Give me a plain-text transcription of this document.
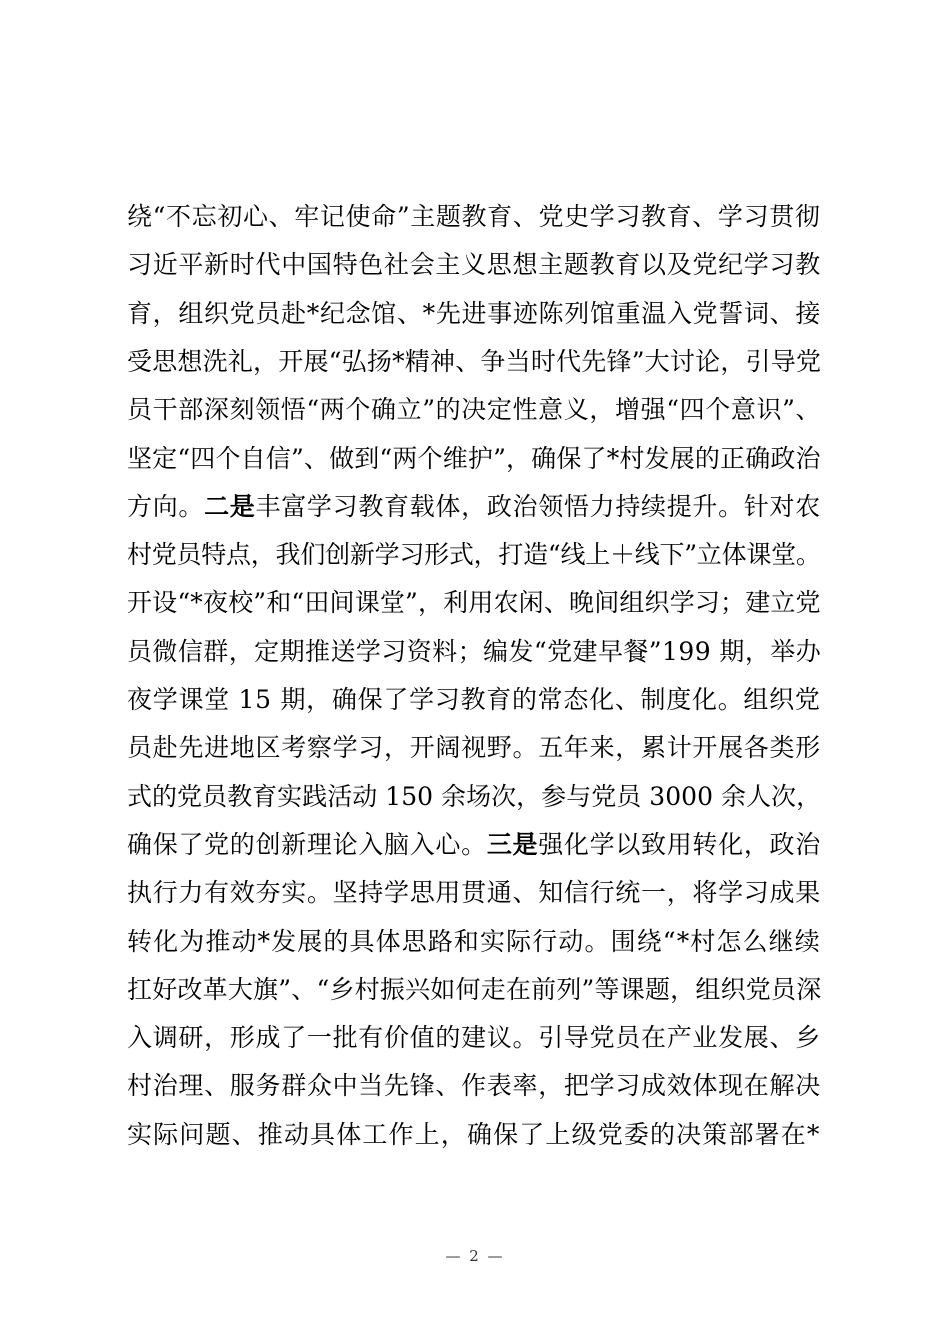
绕“不忘初心、牢记使命”主题教育、党史学习教育、学习贯彻
习近平新时代中国特色社会主义思想主题教育以及党纪学习教
育，组织党员赴*纪念馆、*先进事迹陈列馆重温入党誓词、接
受思想洗礼，开展“弘扬*精神、争当时代先锋”大讨论，引导党
员干部深刻领悟“两个确立”的决定性意义，增强“四个意识”、
坚定“四个自信”、做到“两个维护”，确保了*村发展的正确政治
方向。二是丰富学习教育载体，政治领悟力持续提升。针对农
村党员特点，我们创新学习形式，打造“线上＋线下”立体课堂。
开设“*夜校”和“田间课堂”，利用农闲、晚间组织学习；建立党
员微信群，定期推送学习资料；编发“党建早餐”199 期，举办
夜学课堂 15 期，确保了学习教育的常态化、制度化。组织党
员赴先进地区考察学习，开阔视野。五年来，累计开展各类形
式的党员教育实践活动 150 余场次，参与党员 3000 余人次，
确保了党的创新理论入脑入心。三是强化学以致用转化，政治
执行力有效夯实。坚持学思用贯通、知信行统一，将学习成果
转化为推动*发展的具体思路和实际行动。围绕“*村怎么继续
扛好改革大旗”、“乡村振兴如何走在前列”等课题，组织党员深
入调研，形成了一批有价值的建议。引导党员在产业发展、乡
村治理、服务群众中当先锋、作表率，把学习成效体现在解决
实际问题、推动具体工作上，确保了上级党委的决策部署在*
— 2 —
